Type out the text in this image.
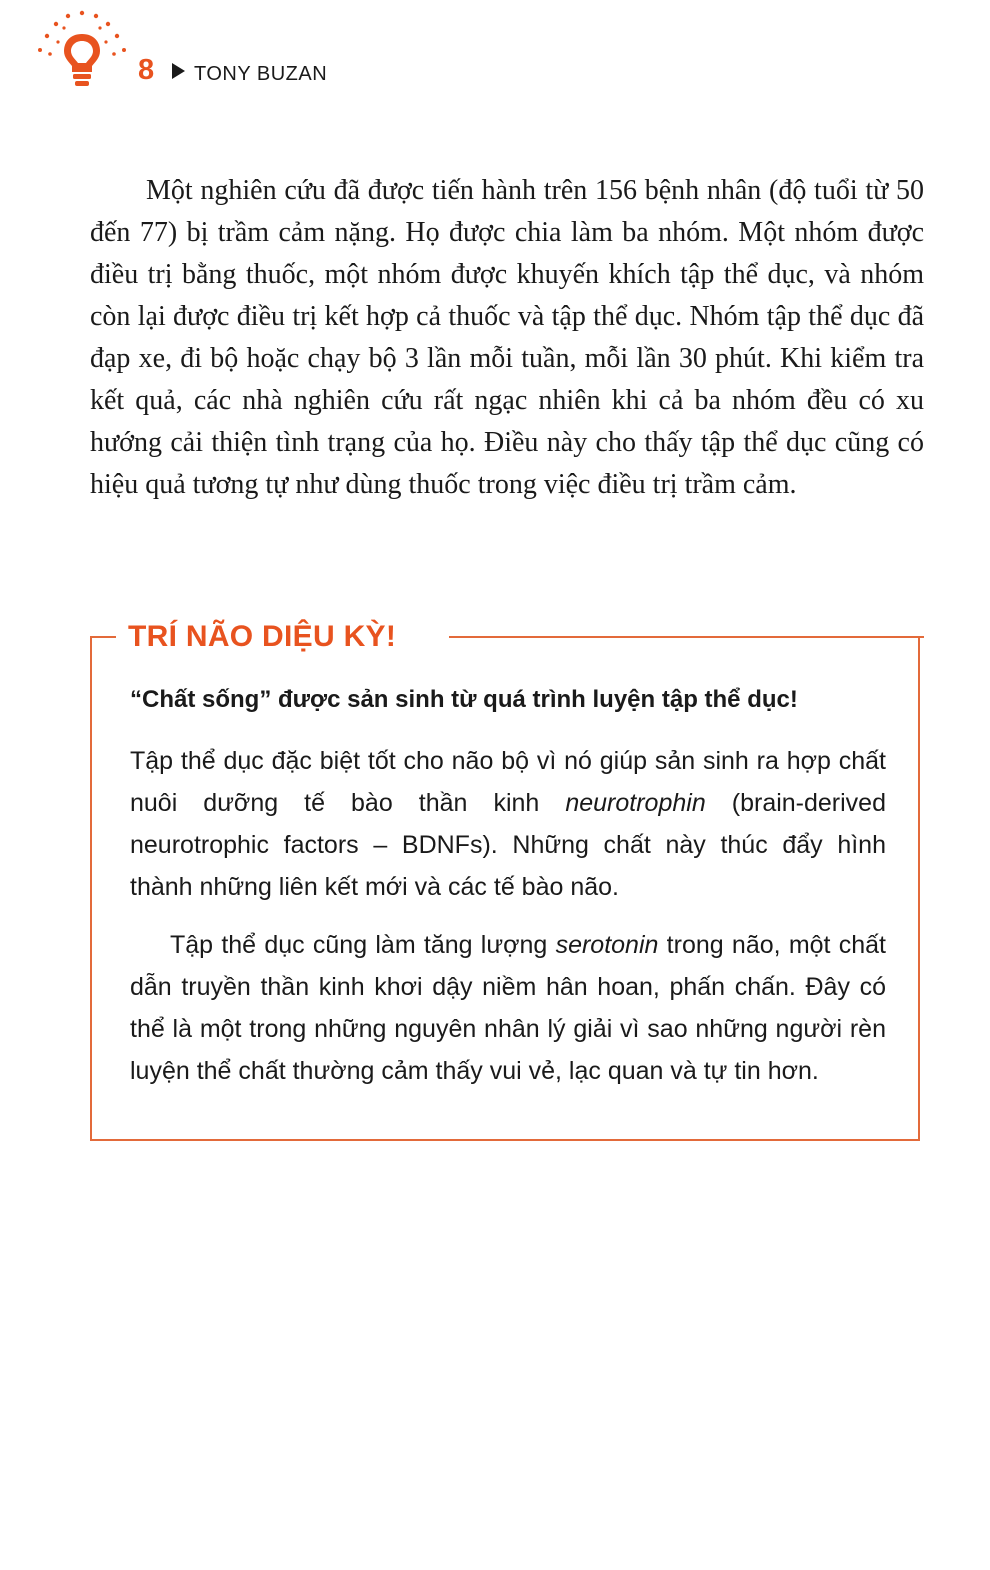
8 TONY BUZAN

Một nghiên cứu đã được tiến hành trên 156 bệnh nhân (độ tuổi từ 50 đến 77) bị trầm cảm nặng. Họ được chia làm ba nhóm. Một nhóm được điều trị bằng thuốc, một nhóm được khuyến khích tập thể dục, và nhóm còn lại được điều trị kết hợp cả thuốc và tập thể dục. Nhóm tập thể dục đã đạp xe, đi bộ hoặc chạy bộ 3 lần mỗi tuần, mỗi lần 30 phút. Khi kiểm tra kết quả, các nhà nghiên cứu rất ngạc nhiên khi cả ba nhóm đều có xu hướng cải thiện tình trạng của họ. Điều này cho thấy tập thể dục cũng có hiệu quả tương tự như dùng thuốc trong việc điều trị trầm cảm.

TRÍ NÃO DIỆU KỲ!

“Chất sống” được sản sinh từ quá trình luyện tập thể dục!

Tập thể dục đặc biệt tốt cho não bộ vì nó giúp sản sinh ra hợp chất nuôi dưỡng tế bào thần kinh neurotrophin (brain-derived neurotrophic factors – BDNFs). Những chất này thúc đẩy hình thành những liên kết mới và các tế bào não.

Tập thể dục cũng làm tăng lượng serotonin trong não, một chất dẫn truyền thần kinh khơi dậy niềm hân hoan, phấn chấn. Đây có thể là một trong những nguyên nhân lý giải vì sao những người rèn luyện thể chất thường cảm thấy vui vẻ, lạc quan và tự tin hơn.
